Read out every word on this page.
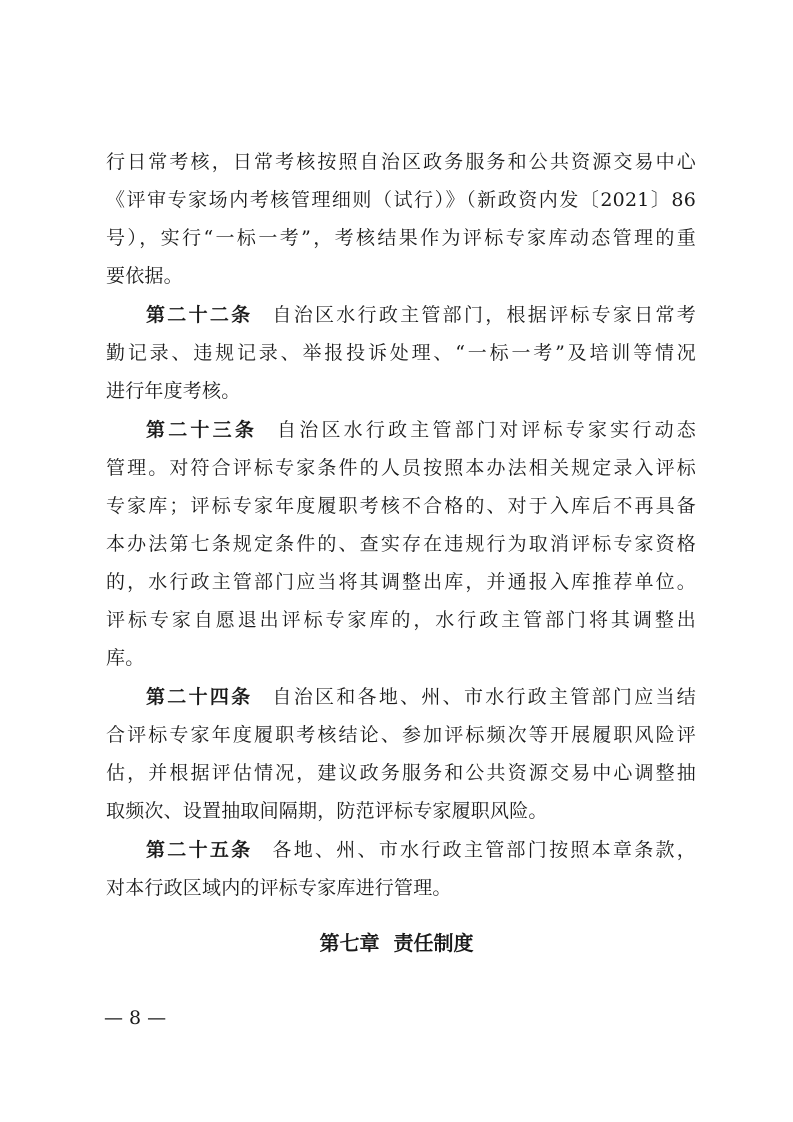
行日常考核，日常考核按照自治区政务服务和公共资源交易中心
《评审专家场内考核管理细则（试行）》（新政资内发〔2021〕86
号），实行“一标一考”，考核结果作为评标专家库动态管理的重
要依据。
第二十二条 自治区水行政主管部门，根据评标专家日常考
勤记录、违规记录、举报投诉处理、“一标一考”及培训等情况
进行年度考核。
第二十三条 自治区水行政主管部门对评标专家实行动态
管理。对符合评标专家条件的人员按照本办法相关规定录入评标
专家库；评标专家年度履职考核不合格的、对于入库后不再具备
本办法第七条规定条件的、查实存在违规行为取消评标专家资格
的，水行政主管部门应当将其调整出库，并通报入库推荐单位。
评标专家自愿退出评标专家库的，水行政主管部门将其调整出
库。
第二十四条 自治区和各地、州、市水行政主管部门应当结
合评标专家年度履职考核结论、参加评标频次等开展履职风险评
估，并根据评估情况，建议政务服务和公共资源交易中心调整抽
取频次、设置抽取间隔期，防范评标专家履职风险。
第二十五条 各地、州、市水行政主管部门按照本章条款，
对本行政区域内的评标专家库进行管理。
第七章  责任制度
— 8 —
